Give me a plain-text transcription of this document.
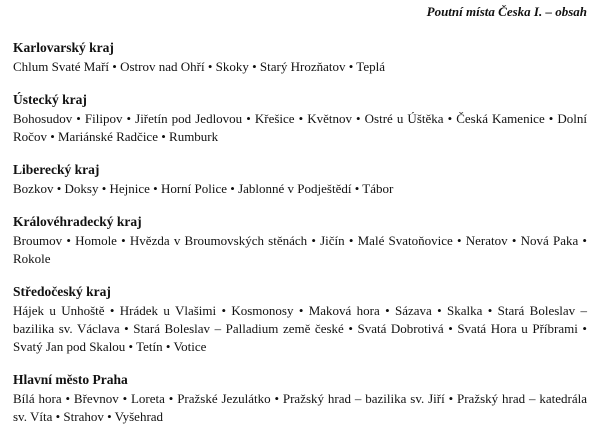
Poutní místa Česka I. – obsah
Karlovarský kraj
Chlum Svaté Maří • Ostrov nad Ohří • Skoky • Starý Hrozňatov • Teplá
Ústecký kraj
Bohosudov • Filipov • Jiřetín pod Jedlovou • Křešice • Květnov • Ostré u Úštěka • Česká Kamenice • Dolní Ročov • Mariánské Radčice • Rumburk
Liberecký kraj
Bozkov • Doksy • Hejnice • Horní Police • Jablonné v Podještědí • Tábor
Královéhradecký kraj
Broumov • Homole • Hvězda v Broumovských stěnách • Jičín • Malé Svatoňovice • Neratov • Nová Paka • Rokole
Středočeský kraj
Hájek u Unhoště • Hrádek u Vlašimi • Kosmonosy • Maková hora • Sázava • Skalka • Stará Boleslav – bazilika sv. Václava • Stará Boleslav – Palladium země české • Svatá Dobrotivá • Svatá Hora u Příbrami • Svatý Jan pod Skalou • Tetín • Votice
Hlavní město Praha
Bílá hora • Břevnov • Loreta • Pražské Jezulátko • Pražský hrad – bazilika sv. Jiří • Pražský hrad – katedrála sv. Víta • Strahov • Vyšehrad
